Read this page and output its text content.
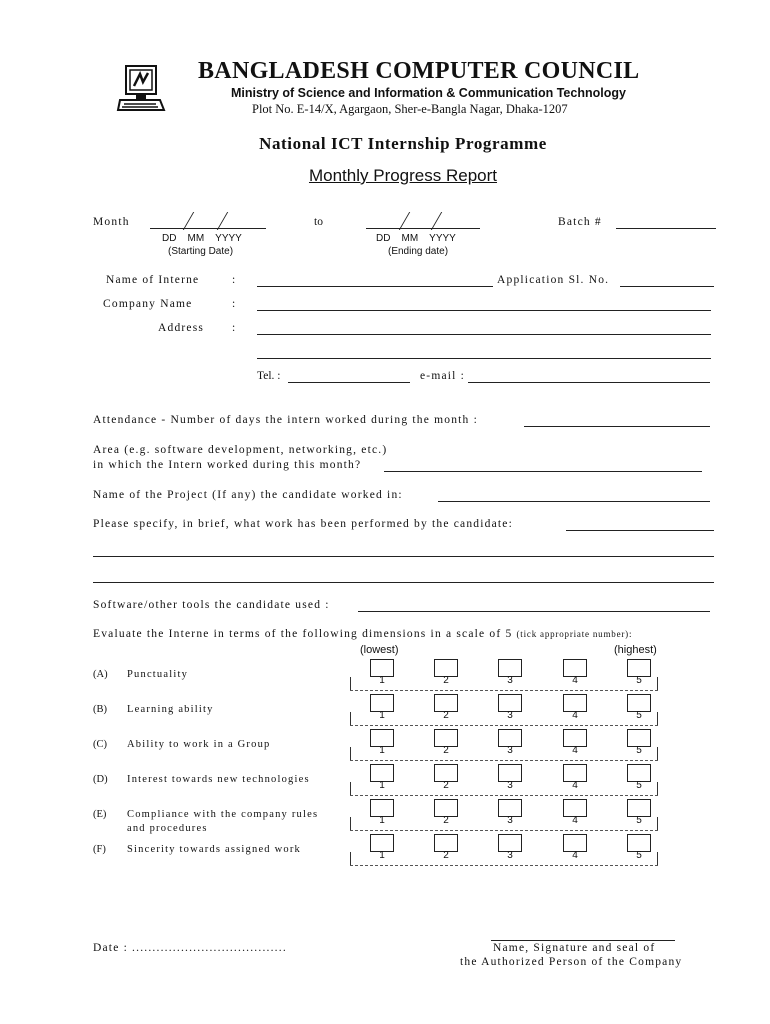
BANGLADESH COMPUTER COUNCIL
Ministry of Science and Information & Communication Technology
Plot No. E-14/X, Agargaon, Sher-e-Bangla Nagar, Dhaka-1207
National ICT Internship Programme
Monthly Progress Report
Month
DD    MM    YYYY
(Starting Date)
to
DD    MM    YYYY
(Ending date)
Batch #
Name of Interne	:	Application Sl. No.
Company Name	:
Address :
Tel. :	e-mail :
Attendance - Number of days the intern worked during the month :
Area (e.g. software development, networking, etc.)
in which the Intern worked during this month?
Name of the Project (If any) the candidate worked in:
Please specify, in brief, what work has been performed by the candidate:
Software/other tools the candidate used :
Evaluate the Interne in terms of the following dimensions in a scale of 5 (tick appropriate number):
(lowest)	(highest)
(A) Punctuality
1	2	3	4	5
(B) Learning ability
1	2	3	4	5
(C) Ability to work in a Group
1	2	3	4	5
(D) Interest towards new technologies
1	2	3	4	5
(E) Compliance with the company rules
and procedures
1	2	3	4	5
(F) Sincerity towards assigned work
1	2	3	4	5
Date : ......................................	Name, Signature and seal of
the Authorized Person of the Company
